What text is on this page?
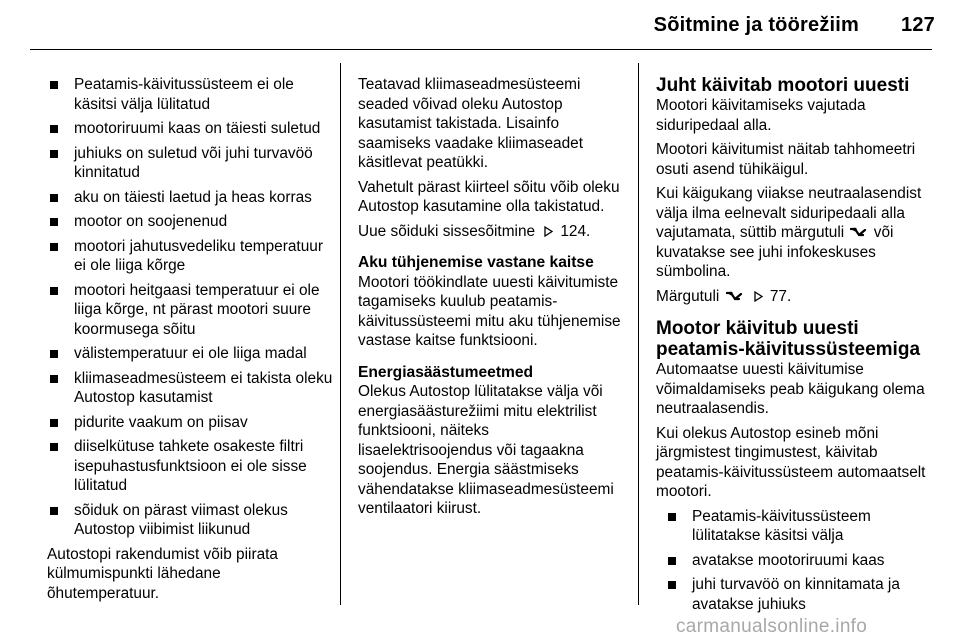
Sõitmine ja töörežiim 127
Peatamis-käivitussüsteem ei ole käsitsi välja lülitatud
mootoriruumi kaas on täiesti suletud
juhiuks on suletud või juhi turvavöö kinnitatud
aku on täiesti laetud ja heas korras
mootor on soojenenud
mootori jahutusvedeliku temperatuur ei ole liiga kõrge
mootori heitgaasi temperatuur ei ole liiga kõrge, nt pärast mootori suure koormusega sõitu
välistemperatuur ei ole liiga madal
kliimaseadmesüsteem ei takista oleku Autostop kasutamist
pidurite vaakum on piisav
diiselkütuse tahkete osakeste filtri isepuhastusfunktsioon ei ole sisse lülitatud
sõiduk on pärast viimast olekus Autostop viibimist liikunud

Autostopi rakendumist võib piirata külmumispunkti lähedane õhutemperatuur.

Teatavad kliimaseadmesüsteemi seaded võivad oleku Autostop kasutamist takistada. Lisainfo saamiseks vaadake kliimaseadet käsitlevat peatükki.

Vahetult pärast kiirteel sõitu võib oleku Autostop kasutamine olla takistatud.

Uue sõiduki sissesõitmine 124.

Aku tühjenemise vastane kaitse

Mootori töökindlate uuesti käivitumiste tagamiseks kuulub peatamis-käivitussüsteemi mitu aku tühjenemise vastase kaitse funktsiooni.

Energiasäästumeetmed

Olekus Autostop lülitatakse välja või energiasäästurežiimi mitu elektrilist funktsiooni, näiteks lisaelektrisoojendus või tagaakna soojendus. Energia säästmiseks vähendatakse kliimaseadmesüsteemi ventilaatori kiirust.

Juht käivitab mootori uuesti

Mootori käivitamiseks vajutada siduripedaal alla.

Mootori käivitumist näitab tahhomeetri osuti asend tühikäigul.

Kui käigukang viiakse neutraalasendist välja ilma eelnevalt siduripedaali alla vajutamata, süttib märgutuli või kuvatakse see juhi infokeskuses sümbolina.

Märgutuli	77.

Mootor käivitub uuesti peatamis-käivitussüsteemiga

Automaatse uuesti käivitumise võimaldamiseks peab käigukang olema neutraalasendis.

Kui olekus Autostop esineb mõni järgmistest tingimustest, käivitab peatamis-käivitussüsteem automaatselt mootori.

Peatamis-käivitussüsteem lülitatakse käsitsi välja
avatakse mootoriruumi kaas
juhi turvavöö on kinnitamata ja avatakse juhiuks
carmanualsonline.info
